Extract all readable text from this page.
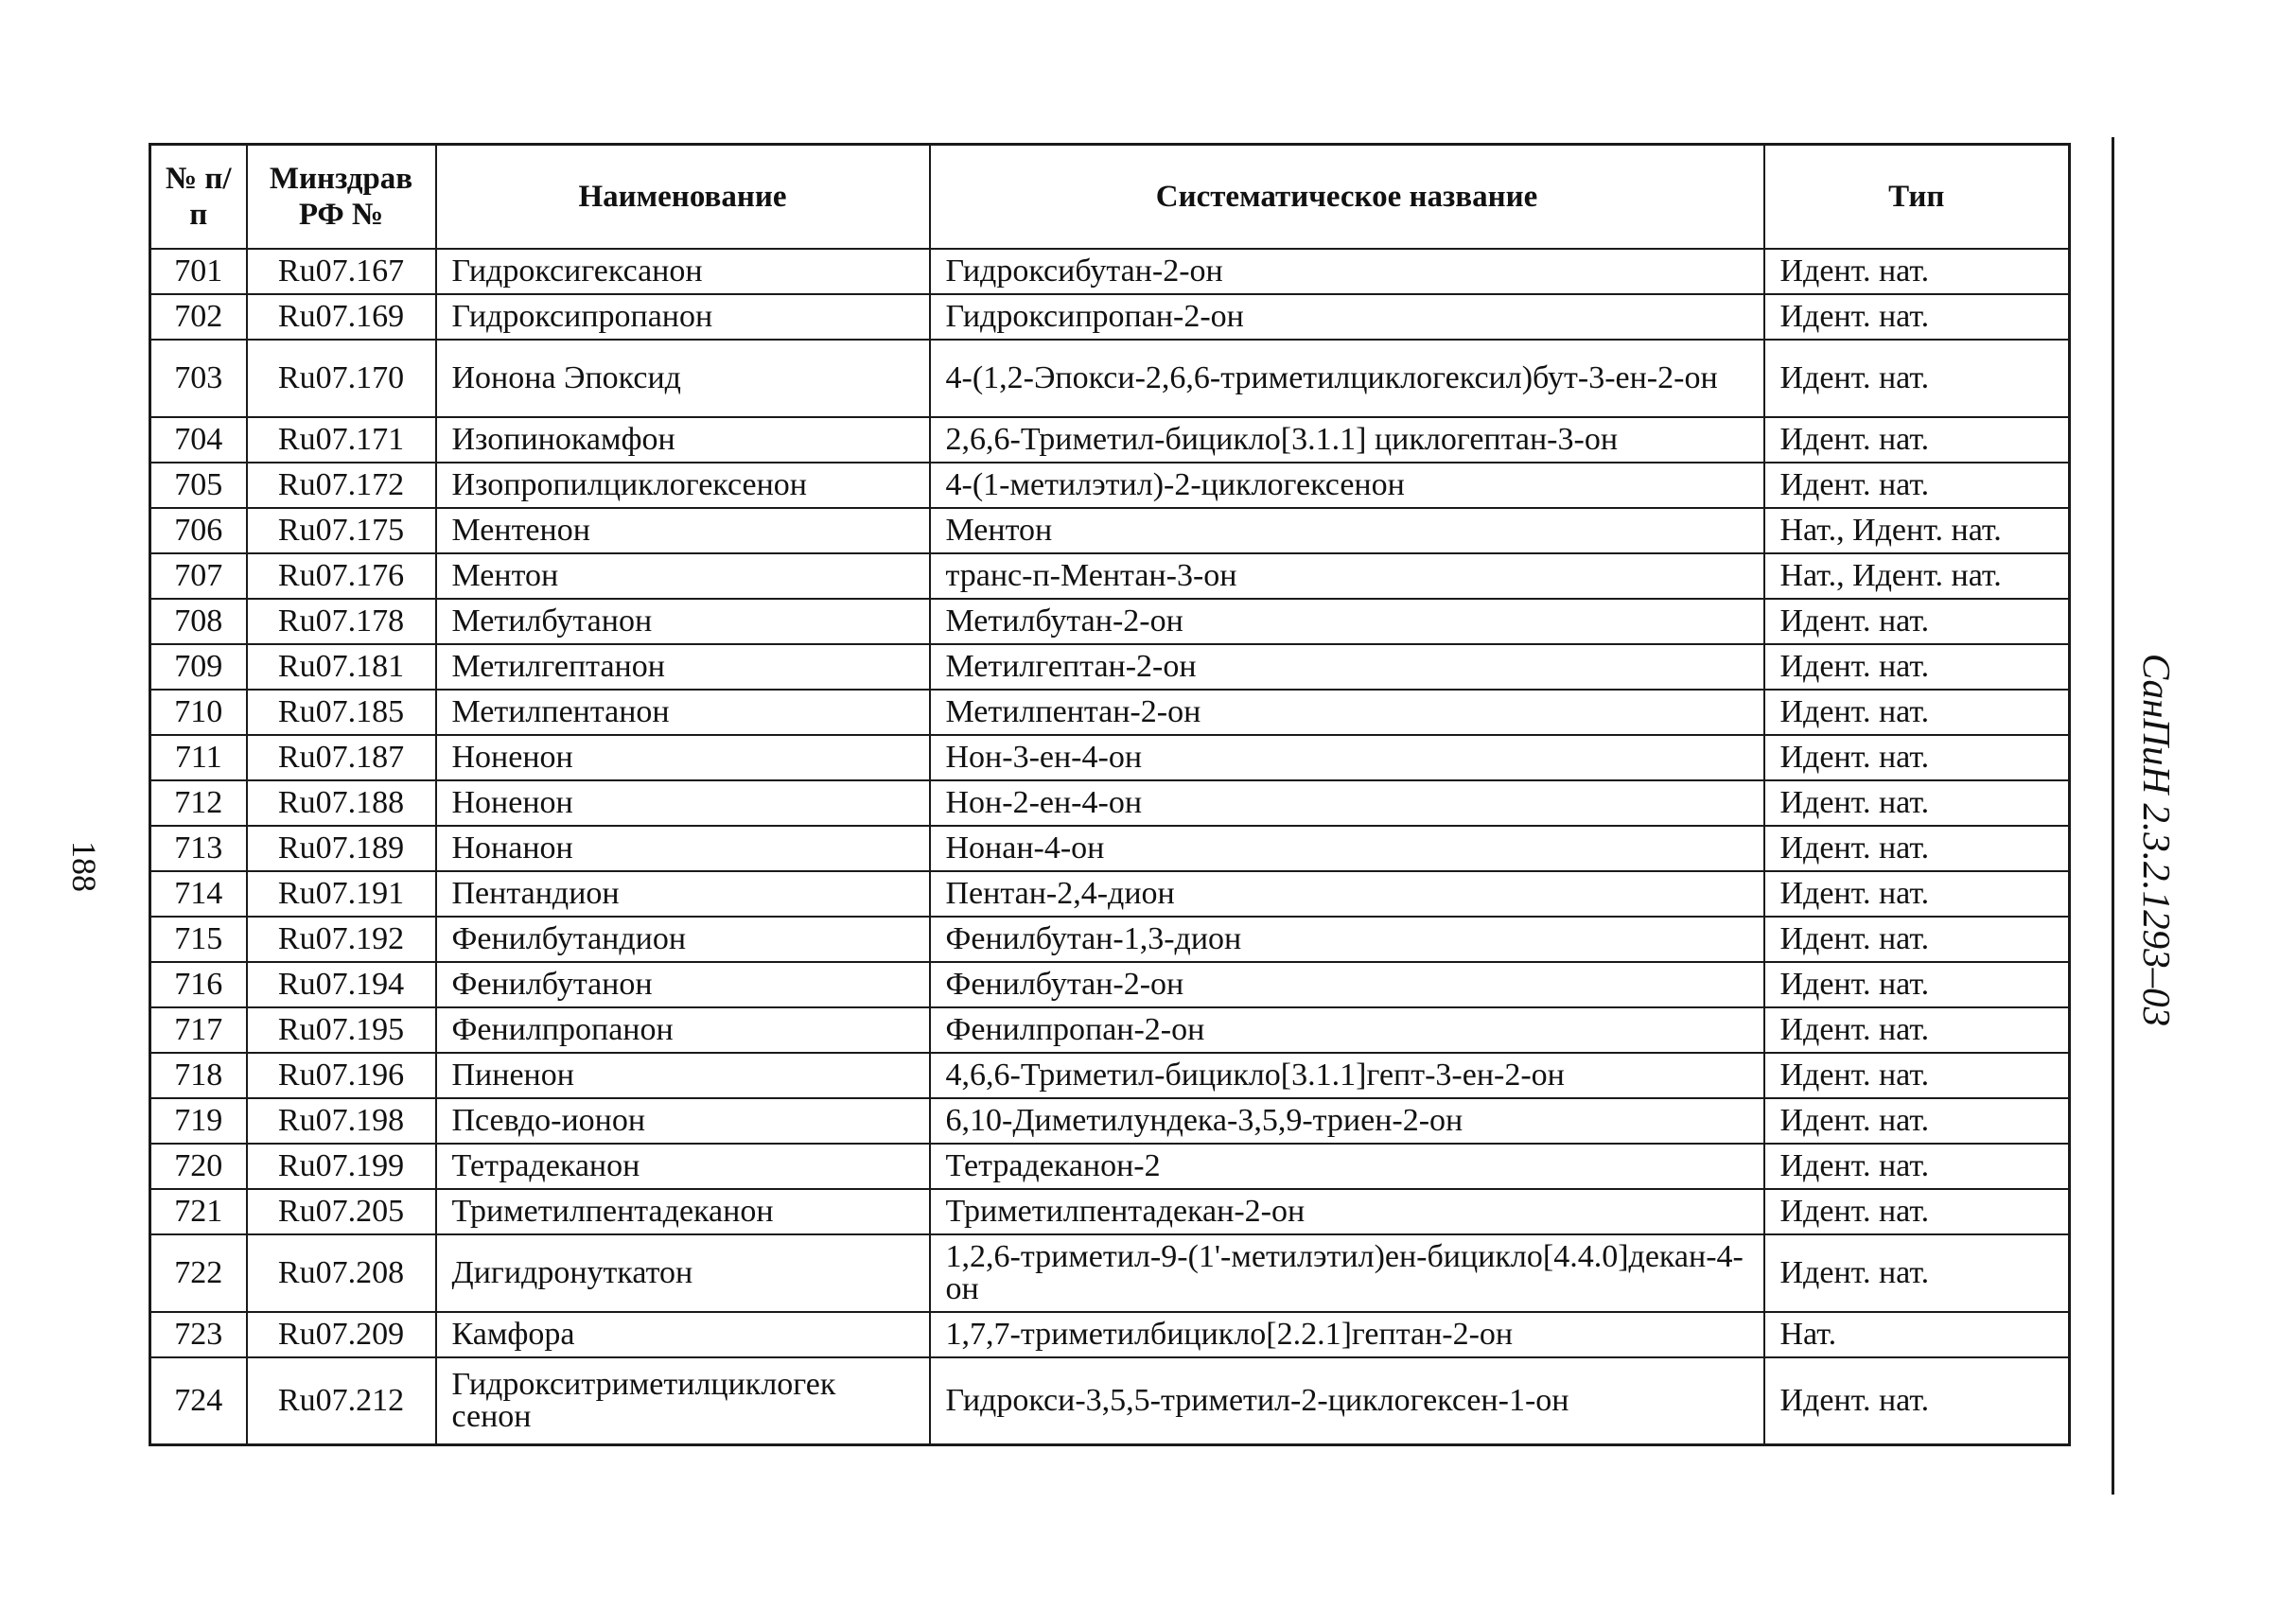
188	СанПиН 2.3.2.1293–03
№ п/п	Минздрав РФ №	Наименование	Систематическое название	Тип
701	Ru07.167	Гидроксигексанон	Гидроксибутан-2-он	Идент. нат.
702	Ru07.169	Гидроксипропанон	Гидроксипропан-2-он	Идент. нат.
703	Ru07.170	Ионона Эпоксид	4-(1,2-Эпокси-2,6,6-триметилциклогексил)бут-3-ен-2-он	Идент. нат.
704	Ru07.171	Изопинокамфон	2,6,6-Триметил-бицикло[3.1.1] циклогептан-3-он	Идент. нат.
705	Ru07.172	Изопропилциклогексенон	4-(1-метилэтил)-2-циклогексенон	Идент. нат.
706	Ru07.175	Ментенон	Ментон	Нат., Идент. нат.
707	Ru07.176	Ментон	транс-п-Ментан-3-он	Нат., Идент. нат.
708	Ru07.178	Метилбутанон	Метилбутан-2-он	Идент. нат.
709	Ru07.181	Метилгептанон	Метилгептан-2-он	Идент. нат.
710	Ru07.185	Метилпентанон	Метилпентан-2-он	Идент. нат.
711	Ru07.187	Ноненон	Нон-3-ен-4-он	Идент. нат.
712	Ru07.188	Ноненон	Нон-2-ен-4-он	Идент. нат.
713	Ru07.189	Нонанон	Нонан-4-он	Идент. нат.
714	Ru07.191	Пентандион	Пентан-2,4-дион	Идент. нат.
715	Ru07.192	Фенилбутандион	Фенилбутан-1,3-дион	Идент. нат.
716	Ru07.194	Фенилбутанон	Фенилбутан-2-он	Идент. нат.
717	Ru07.195	Фенилпропанон	Фенилпропан-2-он	Идент. нат.
718	Ru07.196	Пиненон	4,6,6-Триметил-бицикло[3.1.1]гепт-3-ен-2-он	Идент. нат.
719	Ru07.198	Псевдо-ионон	6,10-Диметилундека-3,5,9-триен-2-он	Идент. нат.
720	Ru07.199	Тетрадеканон	Тетрадеканон-2	Идент. нат.
721	Ru07.205	Триметилпентадеканон	Триметилпентадекан-2-он	Идент. нат.
722	Ru07.208	Дигидронуткатон	1,2,6-триметил-9-(1'-метилэтил)ен-бицикло[4.4.0]декан-4-он	Идент. нат.
723	Ru07.209	Камфора	1,7,7-триметилбицикло[2.2.1]гептан-2-он	Нат.
724	Ru07.212	Гидрокситриметилциклогек сенон	Гидрокси-3,5,5-триметил-2-циклогексен-1-он	Идент. нат.
